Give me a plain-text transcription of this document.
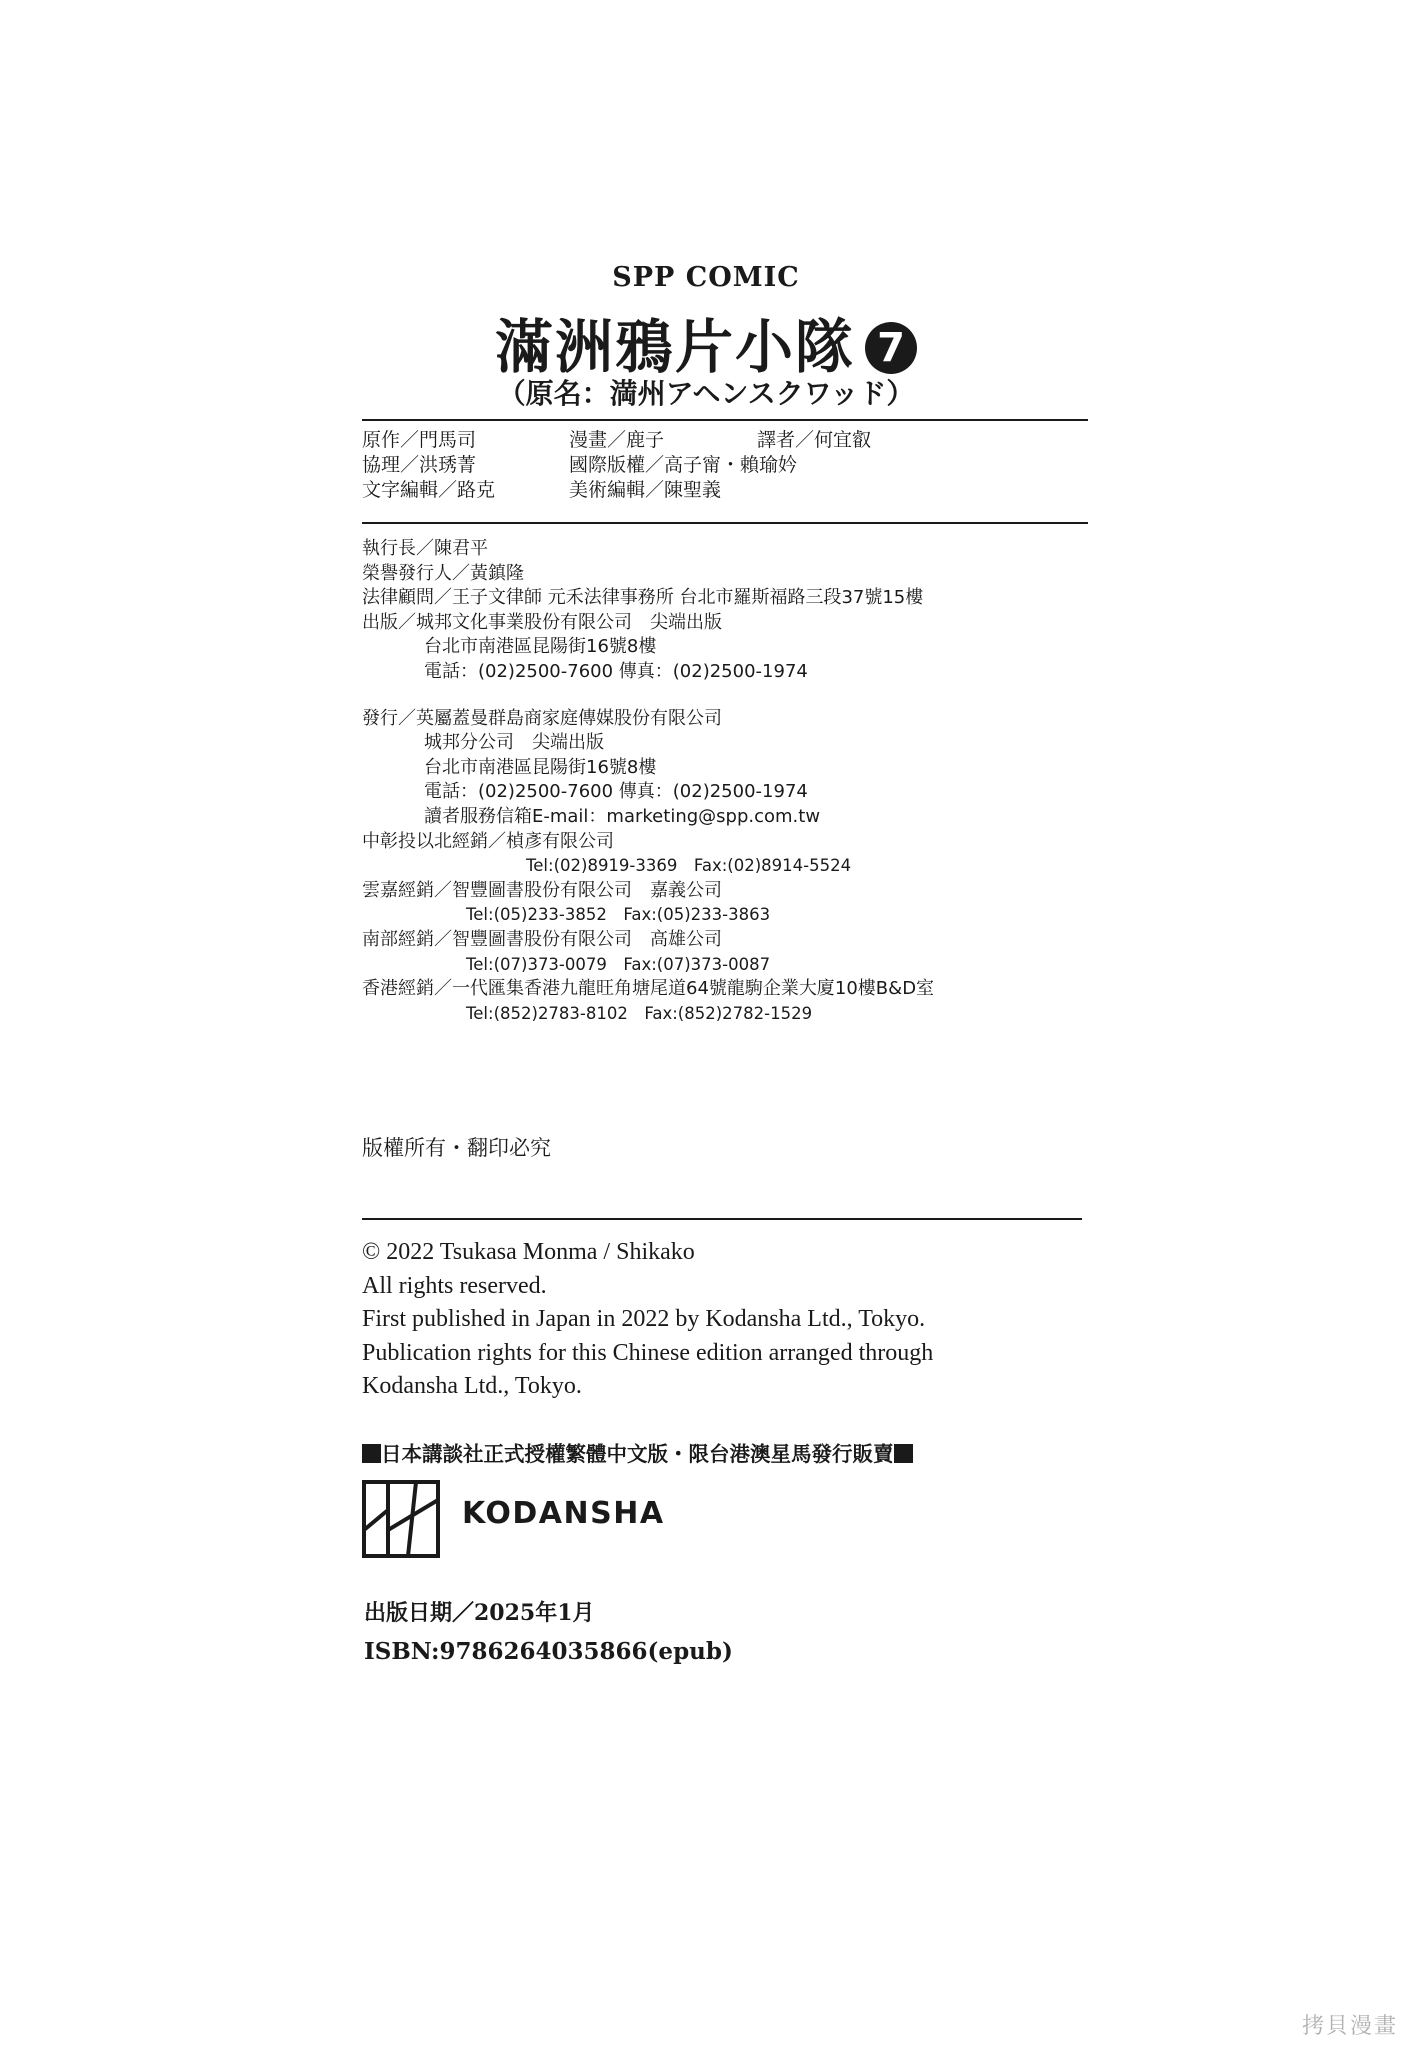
SPP COMIC
滿洲鴉片小隊 7
（原名：満州アヘンスクワッド）
原作／門馬司	漫畫／鹿子	譯者／何宜叡
協理／洪琇菁	國際版權／高子甯・賴瑜妗
文字編輯／路克	美術編輯／陳聖義
執行長／陳君平
榮譽發行人／黃鎮隆
法律顧問／王子文律師 元禾法律事務所 台北市羅斯福路三段37號15樓
出版／城邦文化事業股份有限公司　尖端出版
台北市南港區昆陽街16號8樓
電話：(02)2500-7600 傳真：(02)2500-1974
發行／英屬蓋曼群島商家庭傳媒股份有限公司
城邦分公司　尖端出版
台北市南港區昆陽街16號8樓
電話：(02)2500-7600 傳真：(02)2500-1974
讀者服務信箱E-mail：marketing@spp.com.tw
中彰投以北經銷／楨彥有限公司
Tel:(02)8919-3369　Fax:(02)8914-5524
雲嘉經銷／智豐圖書股份有限公司　嘉義公司
Tel:(05)233-3852　Fax:(05)233-3863
南部經銷／智豐圖書股份有限公司　高雄公司
Tel:(07)373-0079　Fax:(07)373-0087
香港經銷／一代匯集香港九龍旺角塘尾道64號龍駒企業大廈10樓B&D室
Tel:(852)2783-8102　Fax:(852)2782-1529
版權所有・翻印必究
© 2022 Tsukasa Monma / Shikako
All rights reserved.
First published in Japan in 2022 by Kodansha Ltd., Tokyo.
Publication rights for this Chinese edition arranged through
Kodansha Ltd., Tokyo.
日本講談社正式授權繁體中文版・限台港澳星馬發行販賣
KODANSHA
出版日期／2025年1月
ISBN:9786264035866(epub)
拷貝漫畫
